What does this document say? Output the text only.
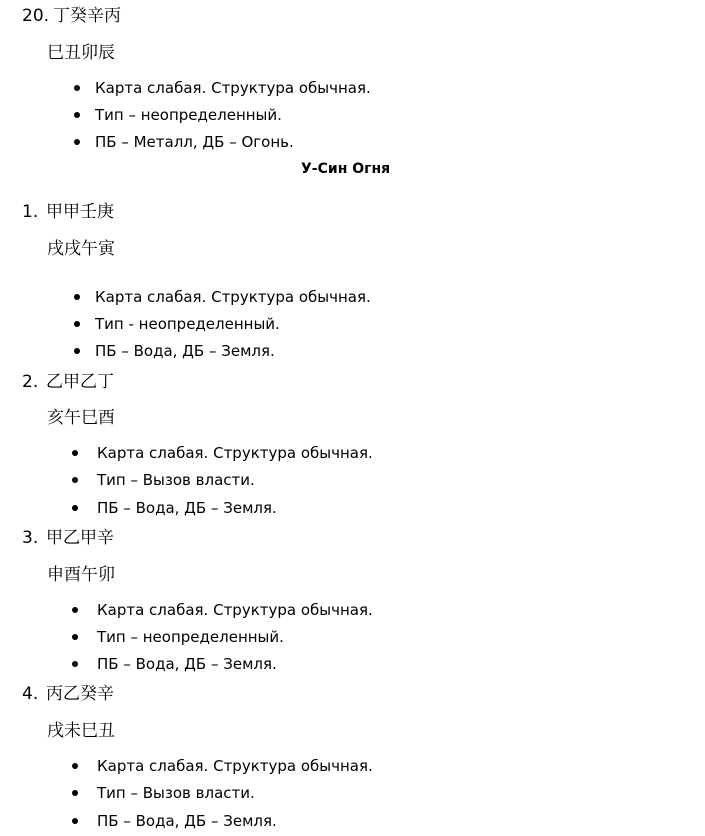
20. 丁癸辛丙
巳丑卯辰
Карта слабая. Структура обычная.
Тип – неопределенный.
ПБ – Металл, ДБ – Огонь.
У-Син Огня
1. 甲甲壬庚
戌戌午寅
Карта слабая. Структура обычная.
Тип - неопределенный.
ПБ – Вода, ДБ – Земля.
2. 乙甲乙丁
亥午巳酉
Карта слабая. Структура обычная.
Тип – Вызов власти.
ПБ – Вода, ДБ – Земля.
3. 甲乙甲辛
申酉午卯
Карта слабая. Структура обычная.
Тип – неопределенный.
ПБ – Вода, ДБ – Земля.
4. 丙乙癸辛
戌未巳丑
Карта слабая. Структура обычная.
Тип – Вызов власти.
ПБ – Вода, ДБ – Земля.
